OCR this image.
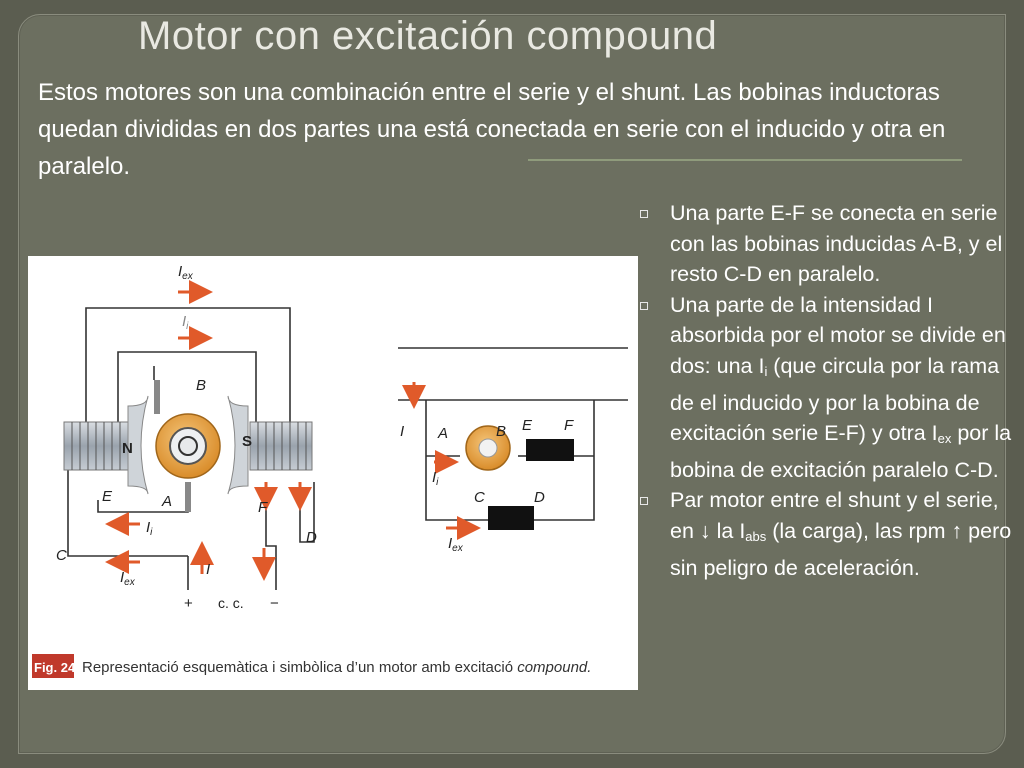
Motor con excitación compound
Estos motores son una combinación entre el serie y el shunt. Las bobinas inductoras quedan divididas en dos partes una está conectada en serie con el inducido y otra en paralelo.
Una parte E-F se conecta en serie con las bobinas inducidas A-B, y el resto C-D en paralelo.
Una parte de la intensidad I absorbida por el motor se divide en dos: una $I_i$ (que circula por la rama de el inducido y por la bobina de excitación serie E-F) y otra $I_{ex}$ por la bobina de excitación paralelo C-D.
Par motor entre el shunt y el serie, en ↓ la $I_{abs}$ (la carga), las rpm ↑ pero sin peligro de aceleración.
$I_{ex}$
$I_i$
B
N	S
E	A	F
$I_i$	D
C
$I_{ex}$
I
+ c. c. −
I A	B E F
$I_i$
C	D
$I_{ex}$
Fig. 24 Representació esquemàtica i simbòlica d’un motor amb excitació compound.
